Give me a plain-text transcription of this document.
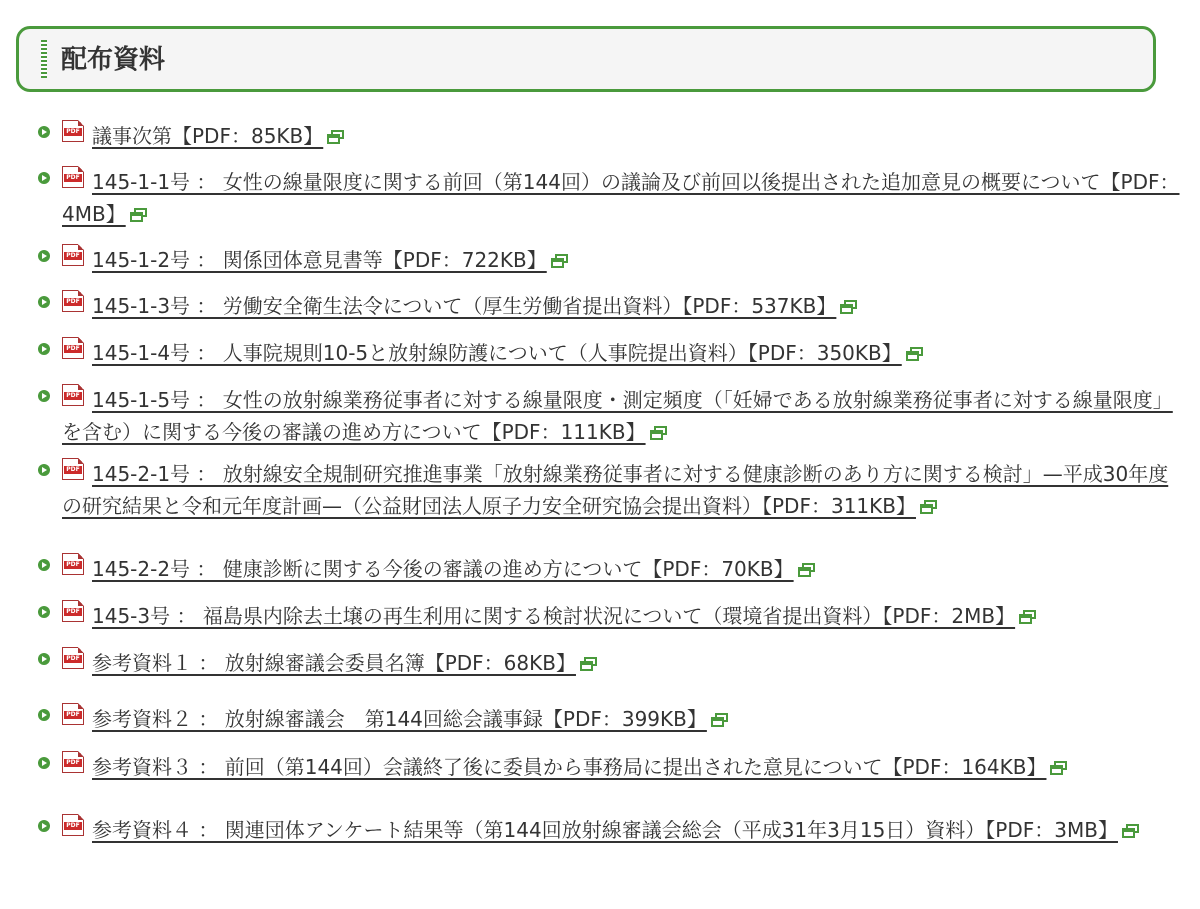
配布資料
PDF 議事次第【PDF：85KB】
PDF 145-1-1号 ： 女性の線量限度に関する前回（第144回）の議論及び前回以後提出された追加意見の概要について【PDF：4MB】
PDF 145-1-2号 ： 関係団体意見書等【PDF：722KB】
PDF 145-1-3号 ： 労働安全衛生法令について（厚生労働省提出資料）【PDF：537KB】
PDF 145-1-4号 ： 人事院規則10-5と放射線防護について（人事院提出資料）【PDF：350KB】
PDF 145-1-5号 ： 女性の放射線業務従事者に対する線量限度・測定頻度（「妊婦である放射線業務従事者に対する線量限度」を含む）に関する今後の審議の進め方について【PDF：111KB】
PDF 145-2-1号 ： 放射線安全規制研究推進事業「放射線業務従事者に対する健康診断のあり方に関する検討」—平成30年度の研究結果と令和元年度計画—（公益財団法人原子力安全研究協会提出資料）【PDF：311KB】
PDF 145-2-2号 ： 健康診断に関する今後の審議の進め方について【PDF：70KB】
PDF 145-3号 ： 福島県内除去土壌の再生利用に関する検討状況について（環境省提出資料）【PDF：2MB】
PDF 参考資料１ ： 放射線審議会委員名簿【PDF：68KB】
PDF 参考資料２ ： 放射線審議会　第144回総会議事録【PDF：399KB】
PDF 参考資料３ ： 前回（第144回）会議終了後に委員から事務局に提出された意見について【PDF：164KB】
PDF 参考資料４ ： 関連団体アンケート結果等（第144回放射線審議会総会（平成31年3月15日）資料）【PDF：3MB】
